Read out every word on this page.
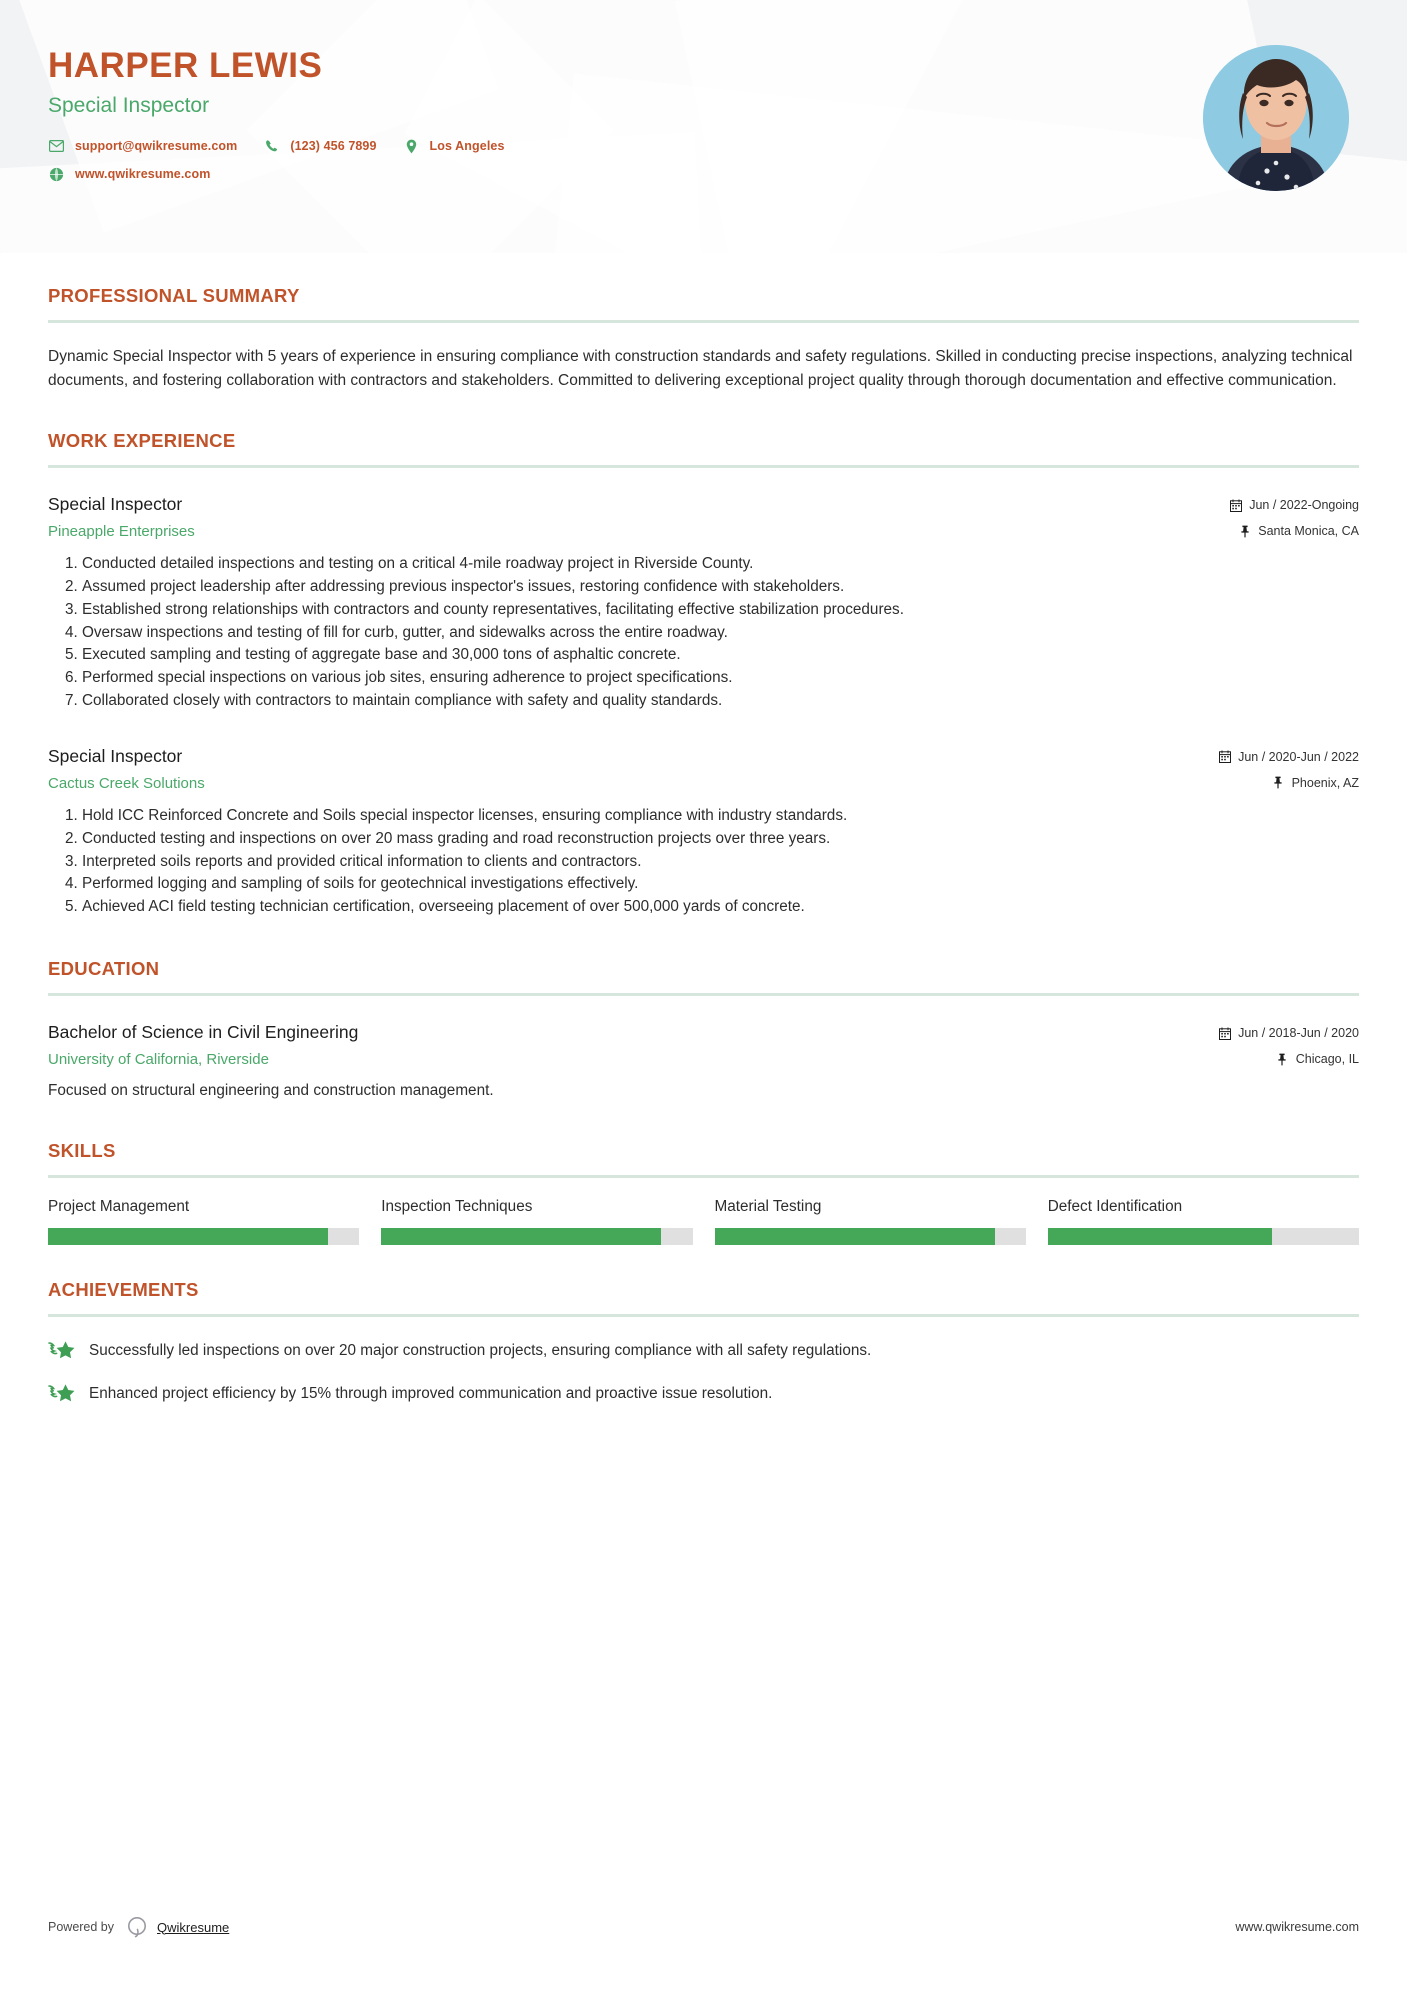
HARPER LEWIS
Special Inspector
support@qwikresume.com	(123) 456 7899	Los Angeles
www.qwikresume.com
PROFESSIONAL SUMMARY
Dynamic Special Inspector with 5 years of experience in ensuring compliance with construction standards and safety regulations. Skilled in conducting precise inspections, analyzing technical documents, and fostering collaboration with contractors and stakeholders. Committed to delivering exceptional project quality through thorough documentation and effective communication.
WORK EXPERIENCE
Special Inspector
Pineapple Enterprises
Jun / 2022-Ongoing
Santa Monica, CA
1. Conducted detailed inspections and testing on a critical 4-mile roadway project in Riverside County.
2. Assumed project leadership after addressing previous inspector's issues, restoring confidence with stakeholders.
3. Established strong relationships with contractors and county representatives, facilitating effective stabilization procedures.
4. Oversaw inspections and testing of fill for curb, gutter, and sidewalks across the entire roadway.
5. Executed sampling and testing of aggregate base and 30,000 tons of asphaltic concrete.
6. Performed special inspections on various job sites, ensuring adherence to project specifications.
7. Collaborated closely with contractors to maintain compliance with safety and quality standards.
Special Inspector
Cactus Creek Solutions
Jun / 2020-Jun / 2022
Phoenix, AZ
1. Hold ICC Reinforced Concrete and Soils special inspector licenses, ensuring compliance with industry standards.
2. Conducted testing and inspections on over 20 mass grading and road reconstruction projects over three years.
3. Interpreted soils reports and provided critical information to clients and contractors.
4. Performed logging and sampling of soils for geotechnical investigations effectively.
5. Achieved ACI field testing technician certification, overseeing placement of over 500,000 yards of concrete.
EDUCATION
Bachelor of Science in Civil Engineering
University of California, Riverside
Jun / 2018-Jun / 2020
Chicago, IL
Focused on structural engineering and construction management.
SKILLS
Project Management	Inspection Techniques	Material Testing	Defect Identification
ACHIEVEMENTS
Successfully led inspections on over 20 major construction projects, ensuring compliance with all safety regulations.
Enhanced project efficiency by 15% through improved communication and proactive issue resolution.
Powered by	Qwikresume	www.qwikresume.com
